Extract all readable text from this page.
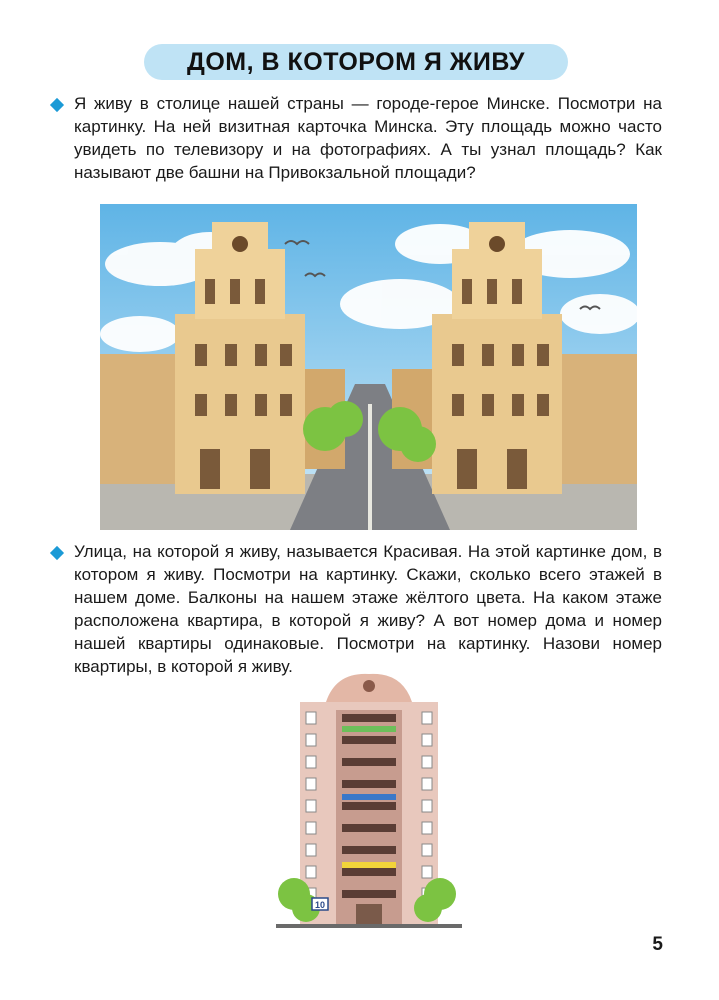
ДОМ, В КОТОРОМ Я ЖИВУ
Я живу в столице нашей страны — городе-герое Минске. Посмотри на картинку. На ней визитная карточка Минска. Эту площадь можно часто увидеть по телевизору и на фотографиях. А ты узнал площадь? Как называют две башни на Привокзальной площади?
Улица, на которой я живу, называется Красивая. На этой картинке дом, в котором я живу. Посмотри на картинку. Скажи, сколько всего этажей в нашем доме. Балконы на нашем этаже жёлтого цвета. На каком этаже расположена квартира, в которой я живу? А вот номер дома и номер нашей квартиры одинаковые. Посмотри на картинку. Назови номер квартиры, в которой я живу.
10
5
